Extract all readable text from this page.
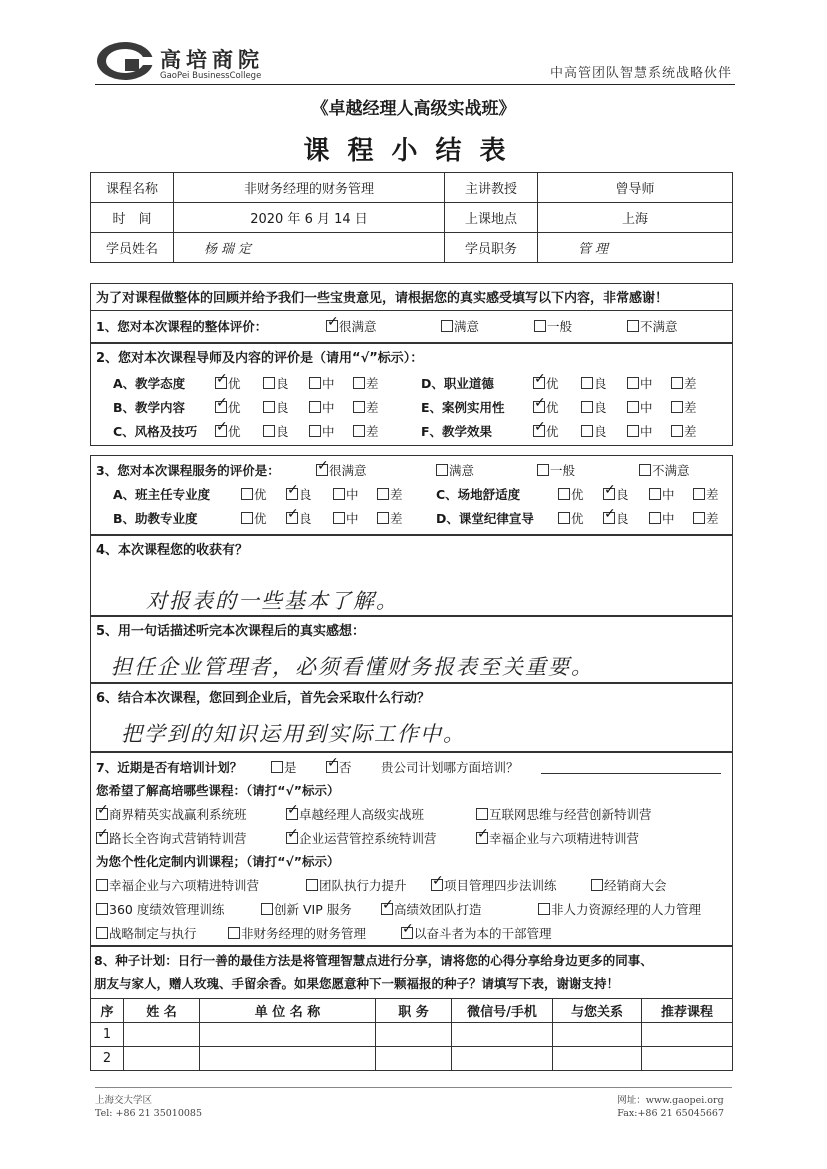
高培商院
GaoPei BusinessCollege	中高管团队智慧系统战略伙伴
《卓越经理人高级实战班》
课程小结表
课程名称	非财务经理的财务管理	主讲教授	曾导师
时　间	2020 年 6 月 14 日	上课地点	上海
学员姓名	杨瑞定	学员职务	管理
为了对课程做整体的回顾并给予我们一些宝贵意见，请根据您的真实感受填写以下内容，非常感谢！
1、您对本次课程的整体评价： ✓	很满意	满意	一般	不满意
2、您对本次课程导师及内容的评价是（请用“√”标示）：
A、教学态度 ✓	优	良	中	差	D、职业道德 ✓	优	良	中	差
B、教学内容 ✓	优	良	中	差	E、案例实用性 ✓	优	良	中	差
C、风格及技巧 ✓	优	良	中	差	F、教学效果 ✓	优	良	中	差
3、您对本次课程服务的评价是： ✓	很满意	满意	一般	不满意
A、班主任专业度	优 ✓	良	中	差	C、场地舒适度	优 ✓	良	中	差
B、助教专业度	优 ✓	良	中	差	D、课堂纪律宣导	优 ✓	良	中	差
4、本次课程您的收获有？
对报表的一些基本了解。
5、用一句话描述听完本次课程后的真实感想：
担任企业管理者，必须看懂财务报表至关重要。
6、结合本次课程，您回到企业后，首先会采取什么行动？
把学到的知识运用到实际工作中。
7、近期是否有培训计划？	是 ✓	否 贵公司计划哪方面培训？
您希望了解高培哪些课程：（请打“√”标示）
✓商界精英实战赢利系统班 ✓	卓越经理人高级实战班	互联网思维与经营创新特训营
✓路长全咨询式营销特训营 ✓	企业运营管控系统特训营 ✓	幸福企业与六项精进特训营
为您个性化定制内训课程；（请打“√”标示）
幸福企业与六项精进特训营	团队执行力提升 ✓	项目管理四步法训练	经销商大会
360 度绩效管理训练	创新 VIP 服务 ✓	高绩效团队打造	非人力资源经理的人力管理
战略制定与执行	非财务经理的财务管理 ✓	以奋斗者为本的干部管理
8、种子计划：日行一善的最佳方法是将管理智慧点进行分享，请将您的心得分享给身边更多的同事、
朋友与家人，赠人玫瑰、手留余香。如果您愿意种下一颗福报的种子？请填写下表，谢谢支持！
序	姓 名	单 位 名 称	职 务	微信号/手机	与您关系	推荐课程
1						
2						
上海交大学区
Tel: +86 21 35010085
网址：www.gaopei.org
Fax:+86 21 65045667
